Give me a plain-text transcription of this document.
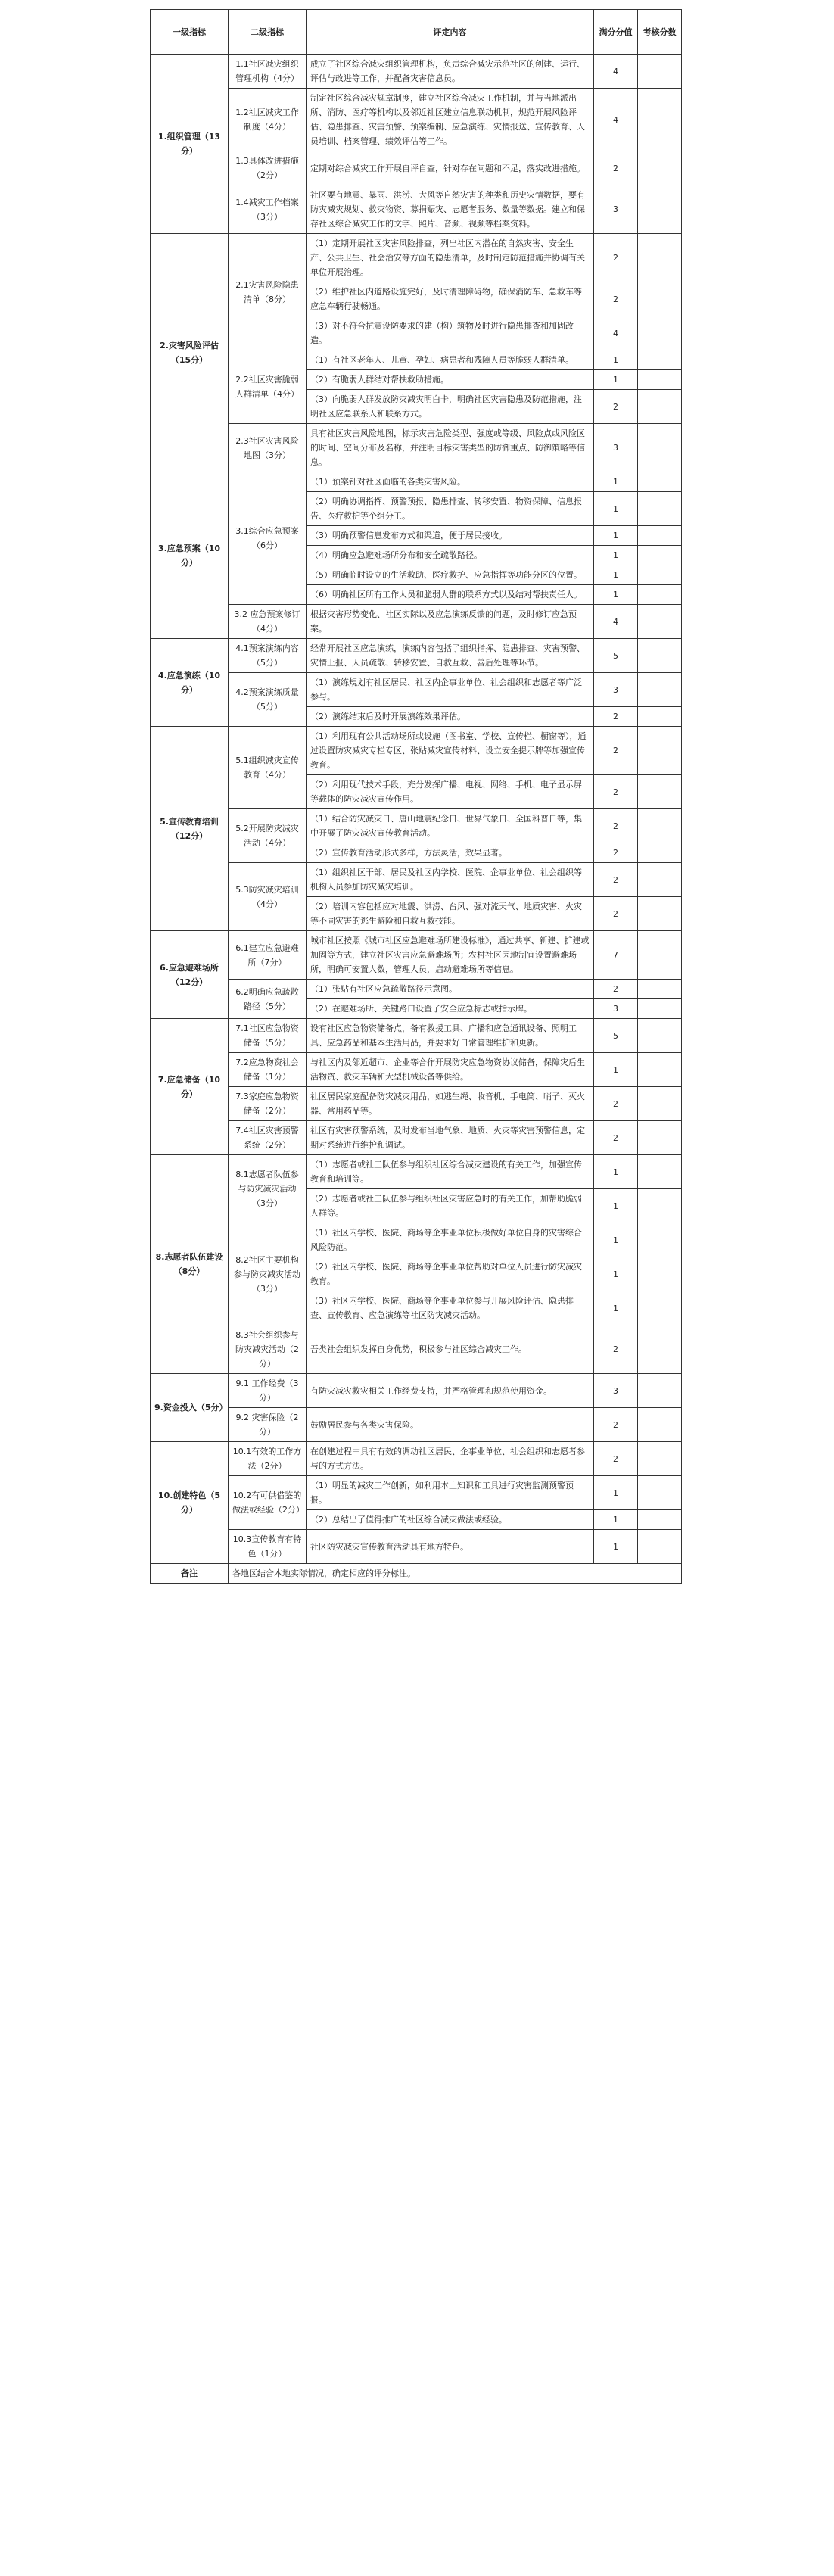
一级指标	二级指标	评定内容	满分分值	考核分数
1.组织管理（13分）	1.1社区减灾组织管理机构（4分）	成立了社区综合减灾组织管理机构，负责综合减灾示范社区的创建、运行、评估与改进等工作，并配备灾害信息员。	4	
	1.2社区减灾工作制度（4分）	制定社区综合减灾规章制度，建立社区综合减灾工作机制，并与当地派出所、消防、医疗等机构以及邻近社区建立信息联动机制，规范开展风险评估、隐患排查、灾害预警、预案编制、应急演练、灾情报送、宣传教育、人员培训、档案管理、绩效评估等工作。	4	
	1.3具体改进措施（2分）	定期对综合减灾工作开展自评自查，针对存在问题和不足，落实改进措施。	2	
	1.4减灾工作档案（3分）	社区要有地震、暴雨、洪涝、大风等自然灾害的种类和历史灾情数据，要有防灾减灾规划、救灾物资、募捐赈灾、志愿者服务、数量等数据。建立和保存社区综合减灾工作的文字、照片、音频、视频等档案资料。	3	
2.灾害风险评估（15分）	2.1灾害风险隐患清单（8分）	（1）定期开展社区灾害风险排查，列出社区内潜在的自然灾害、安全生产、公共卫生、社会治安等方面的隐患清单，及时制定防范措施并协调有关单位开展治理。	2	
		（2）维护社区内道路设施完好，及时清理障碍物，确保消防车、急救车等应急车辆行驶畅通。	2	
		（3）对不符合抗震设防要求的建（构）筑物及时进行隐患排查和加固改造。	4	
	2.2社区灾害脆弱人群清单（4分）	（1）有社区老年人、儿童、孕妇、病患者和残障人员等脆弱人群清单。	1	
		（2）有脆弱人群结对帮扶救助措施。	1	
		（3）向脆弱人群发放防灾减灾明白卡，明确社区灾害隐患及防范措施，注明社区应急联系人和联系方式。	2	
	2.3社区灾害风险地图（3分）	具有社区灾害风险地图，标示灾害危险类型、强度或等级、风险点或风险区的时间、空间分布及名称，并注明目标灾害类型的防御重点、防御策略等信息。	3	
3.应急预案（10分）	3.1综合应急预案（6分）	（1）预案针对社区面临的各类灾害风险。	1	
		（2）明确协调指挥、预警预报、隐患排查、转移安置、物资保障、信息报告、医疗救护等个组分工。	1	
		（3）明确预警信息发布方式和渠道，便于居民接收。	1	
		（4）明确应急避难场所分布和安全疏散路径。	1	
		（5）明确临时设立的生活救助、医疗救护、应急指挥等功能分区的位置。	1	
		（6）明确社区所有工作人员和脆弱人群的联系方式以及结对帮扶责任人。	1	
	3.2 应急预案修订（4分）	根据灾害形势变化、社区实际以及应急演练反馈的问题，及时修订应急预案。	4	
4.应急演练（10分）	4.1预案演练内容（5分）	经常开展社区应急演练，演练内容包括了组织指挥、隐患排查、灾害预警、灾情上报、人员疏散、转移安置、自救互救、善后处理等环节。	5	
	4.2预案演练质量（5分）	（1）演练規划有社区居民、社区内企事业单位、社会组织和志愿者等广泛参与。	3	
		（2）演练结束后及时开展演练效果评估。	2	
5.宣传教育培训（12分）	5.1组织减灾宣传教育（4分）	（1）利用现有公共活动场所或设施（图书室、学校、宣传栏、橱窗等），通过设置防灾减灾专栏专区、张贴减灾宣传材料、设立安全提示牌等加强宣传教育。	2	
		（2）利用现代技术手段，充分发挥广播、电视、网络、手机、电子显示屏等载体的防灾减灾宣传作用。	2	
	5.2开展防灾减灾活动（4分）	（1）结合防灾减灾日、唐山地震纪念日、世界气象日、全国科普日等，集中开展了防灾减灾宣传教育活动。	2	
		（2）宣传教育活动形式多样，方法灵活，效果显著。	2	
	5.3防灾减灾培训（4分）	（1）组织社区干部、居民及社区内学校、医院、企事业单位、社会组织等机构人员参加防灾减灾培训。	2	
		（2）培训内容包括应对地震、洪涝、台风、强对流天气、地质灾害、火灾等不同灾害的逃生避险和自救互救技能。	2	
6.应急避难场所（12分）	6.1建立应急避难所（7分）	城市社区按照《城市社区应急避难场所建设标准》，通过共享、新建、扩建或加固等方式，建立社区灾害应急避难场所；农村社区因地制宜设置避难场所，明确可安置人数，管理人员，启动避难场所等信息。	7	
	6.2明确应急疏散路径（5分）	（1）张贴有社区应急疏散路径示意图。	2	
		（2）在避难场所、关键路口设置了安全应急标志或指示牌。	3	
7.应急储备（10分）	7.1社区应急物资储备（5分）	设有社区应急物资储备点，备有救援工具、广播和应急通讯设备、照明工具、应急药品和基本生活用品，并要求好日常管理维护和更新。	5	
	7.2应急物资社会储备（1分）	与社区内及邻近超市、企业等合作开展防灾应急物资协议储备，保障灾后生活物资、救灾车辆和大型机械设备等供给。	1	
	7.3家庭应急物资储备（2分）	社区居民家庭配备防灾减灾用品，如逃生绳、收音机、手电筒、哨子、灭火器、常用药品等。	2	
	7.4社区灾害预警系统（2分）	社区有灾害预警系统，及时发布当地气象、地质、火灾等灾害预警信息，定期对系统进行维护和调试。	2	
8.志愿者队伍建设（8分）	8.1志愿者队伍参与防灾减灾活动（3分）	（1）志愿者或社工队伍参与组织社区综合减灾建设的有关工作，加强宣传教育和培训等。	1	
		（2）志愿者或社工队伍参与组织社区灾害应急时的有关工作，加帮助脆弱人群等。	1	
	8.2社区主要机构参与防灾减灾活动（3分）	（1）社区内学校、医院、商场等企事业单位积极做好单位自身的灾害综合风险防范。	1	
		（2）社区内学校、医院、商场等企事业单位帮助对单位人员进行防灾减灾教育。	1	
		（3）社区内学校、医院、商场等企事业单位参与开展风险评估、隐患排查、宣传教育、应急演练等社区防灾减灾活动。	1	
	8.3社会组织参与防灾减灾活动（2分）	吾类社会组织发挥自身优势，积极参与社区综合减灾工作。	2	
9.资金投入（5分）	9.1 工作经费（3分）	有防灾减灾救灾相关工作经费支持，并严格管理和规范使用资金。	3	
	9.2 灾害保险（2分）	鼓励居民参与各类灾害保险。	2	
10.创建特色（5分）	10.1有效的工作方法（2分）	在创建过程中具有有效的调动社区居民、企事业单位、社会组织和志愿者参与的方式方法。	2	
	10.2有可供借鉴的做法或经验（2分）	（1）明显的减灾工作创新，如利用本土知识和工具进行灾害监测预警预报。	1	
		（2）总结出了值得推广的社区综合减灾做法或经验。	1	
	10.3宣传教育有特色（1分）	社区防灾减灾宣传教育活动具有地方特色。	1	
备注	各地区结合本地实际情况，确定相应的评分标注。			
